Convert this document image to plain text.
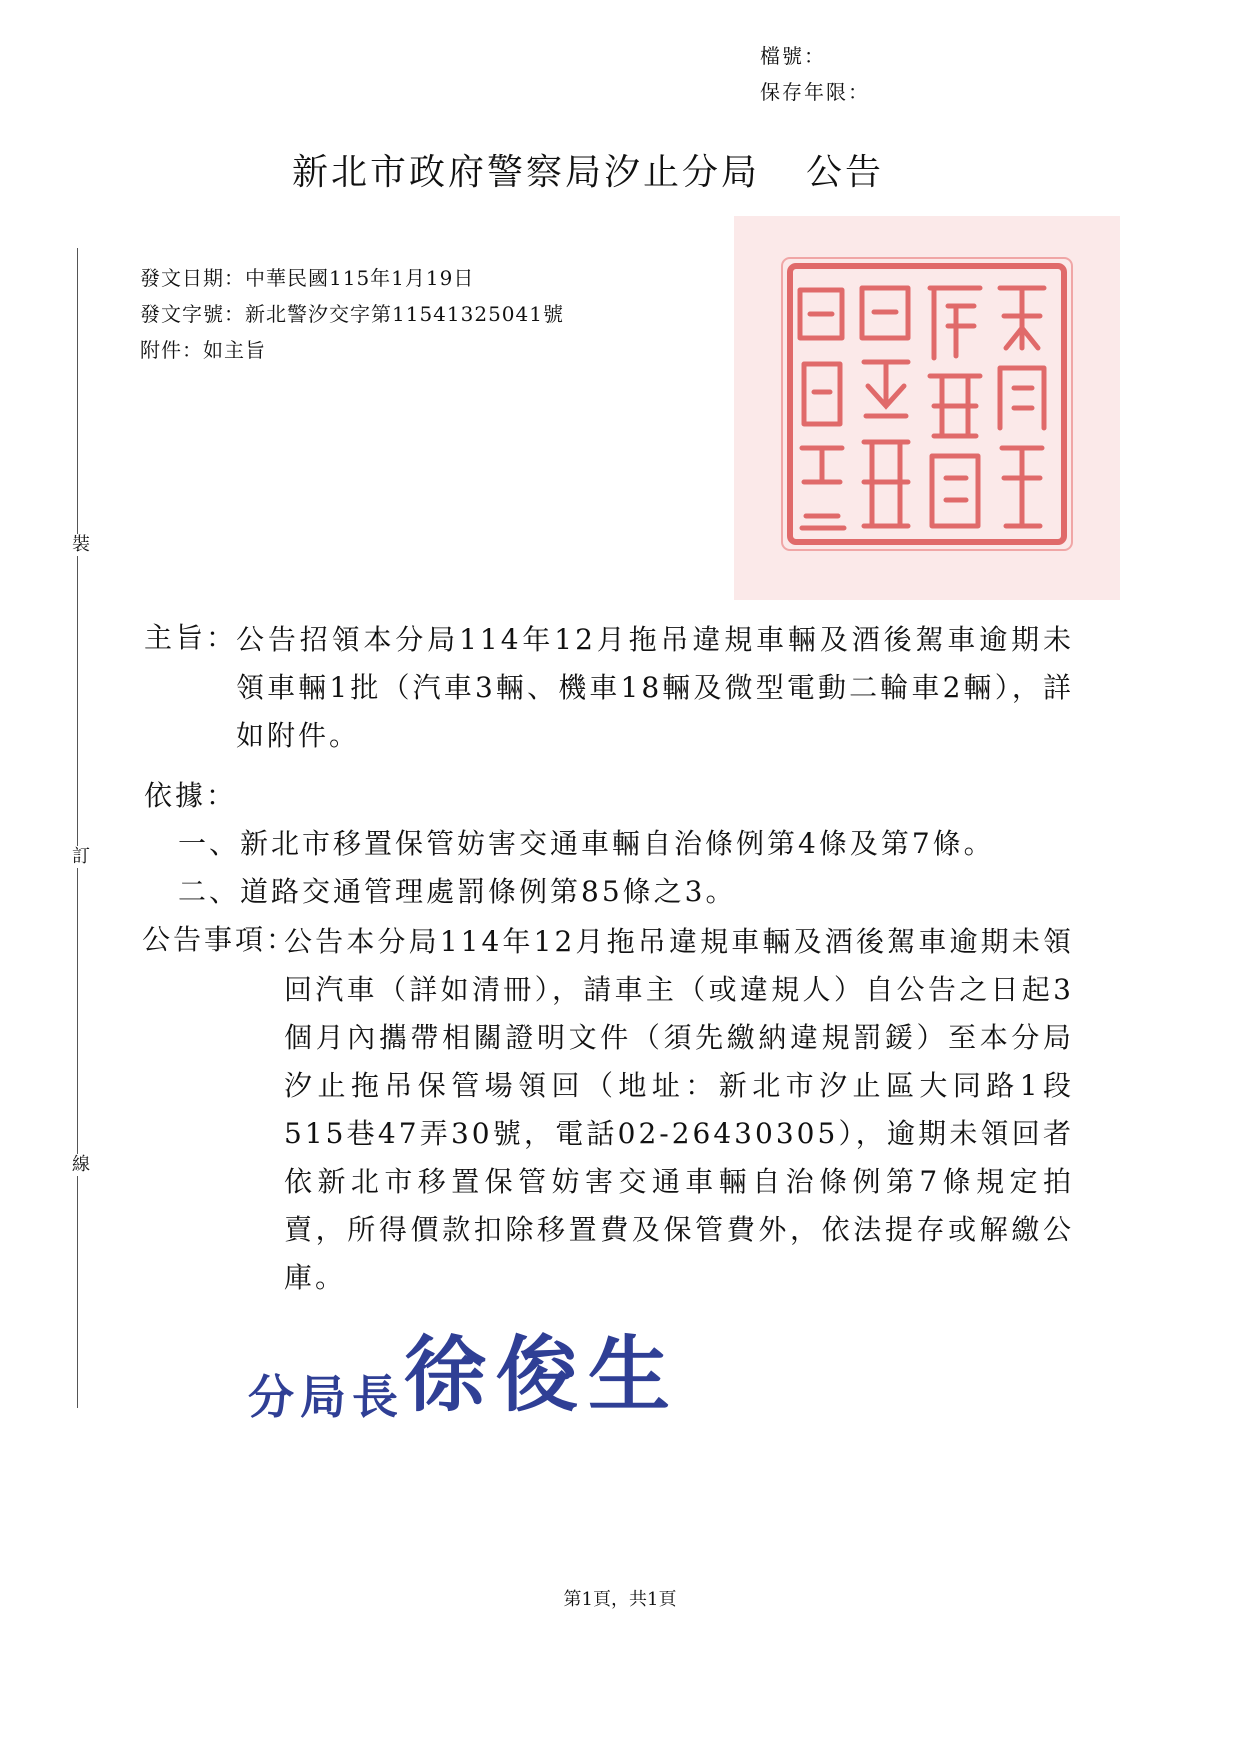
檔號：
保存年限：
新北市政府警察局汐止分局 公告
裝
訂
線
發文日期：中華民國115年1月19日
發文字號：新北警汐交字第11541325041號
附件：如主旨
主旨：
公告招領本分局114年12月拖吊違規車輛及酒後駕車逾期未領車輛1批（汽車3輛、機車18輛及微型電動二輪車2輛），詳如附件。
依據：
一、新北市移置保管妨害交通車輛自治條例第4條及第7條。
二、道路交通管理處罰條例第85條之3。
公告事項：
公告本分局114年12月拖吊違規車輛及酒後駕車逾期未領回汽車（詳如清冊），請車主（或違規人）自公告之日起3個月內攜帶相關證明文件（須先繳納違規罰鍰）至本分局汐止拖吊保管場領回（地址：新北市汐止區大同路1段515巷47弄30號，電話02-26430305），逾期未領回者依新北市移置保管妨害交通車輛自治條例第7條規定拍賣，所得價款扣除移置費及保管費外，依法提存或解繳公庫。
分局長徐俊生
第1頁，共1頁
